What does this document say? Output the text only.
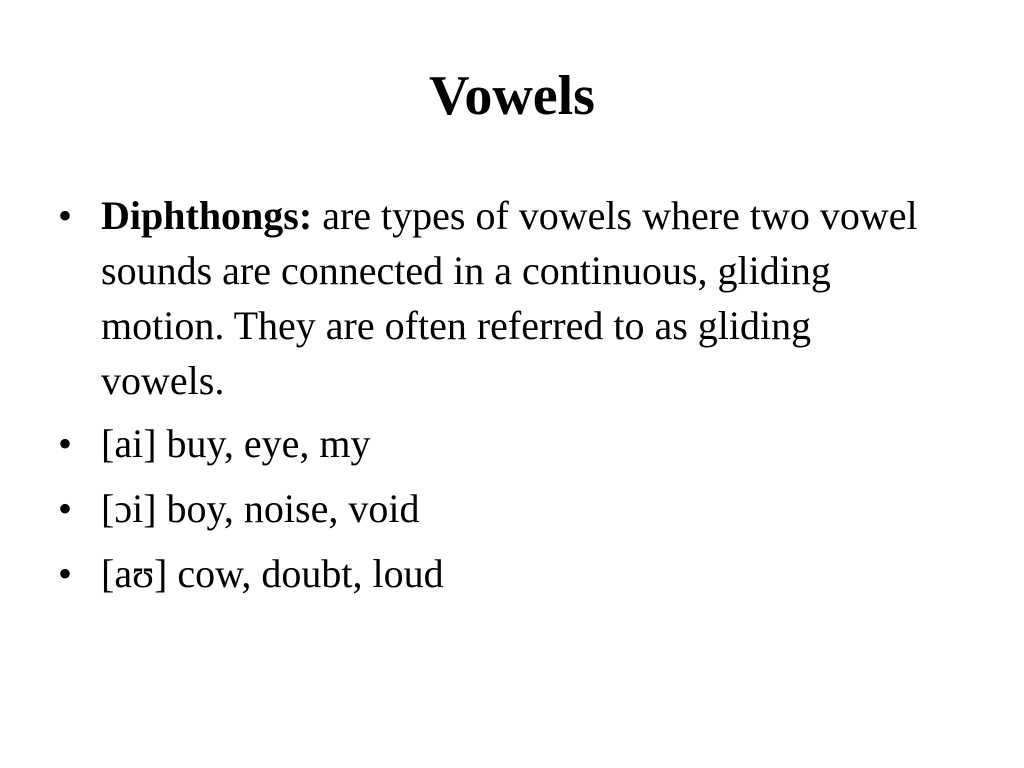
Vowels
• Diphthongs: are types of vowels where two vowel sounds are connected in a continuous, gliding motion. They are often referred to as gliding vowels.
• [ai] buy, eye, my
• [ɔi] boy, noise, void
• [aʊ] cow, doubt, loud
